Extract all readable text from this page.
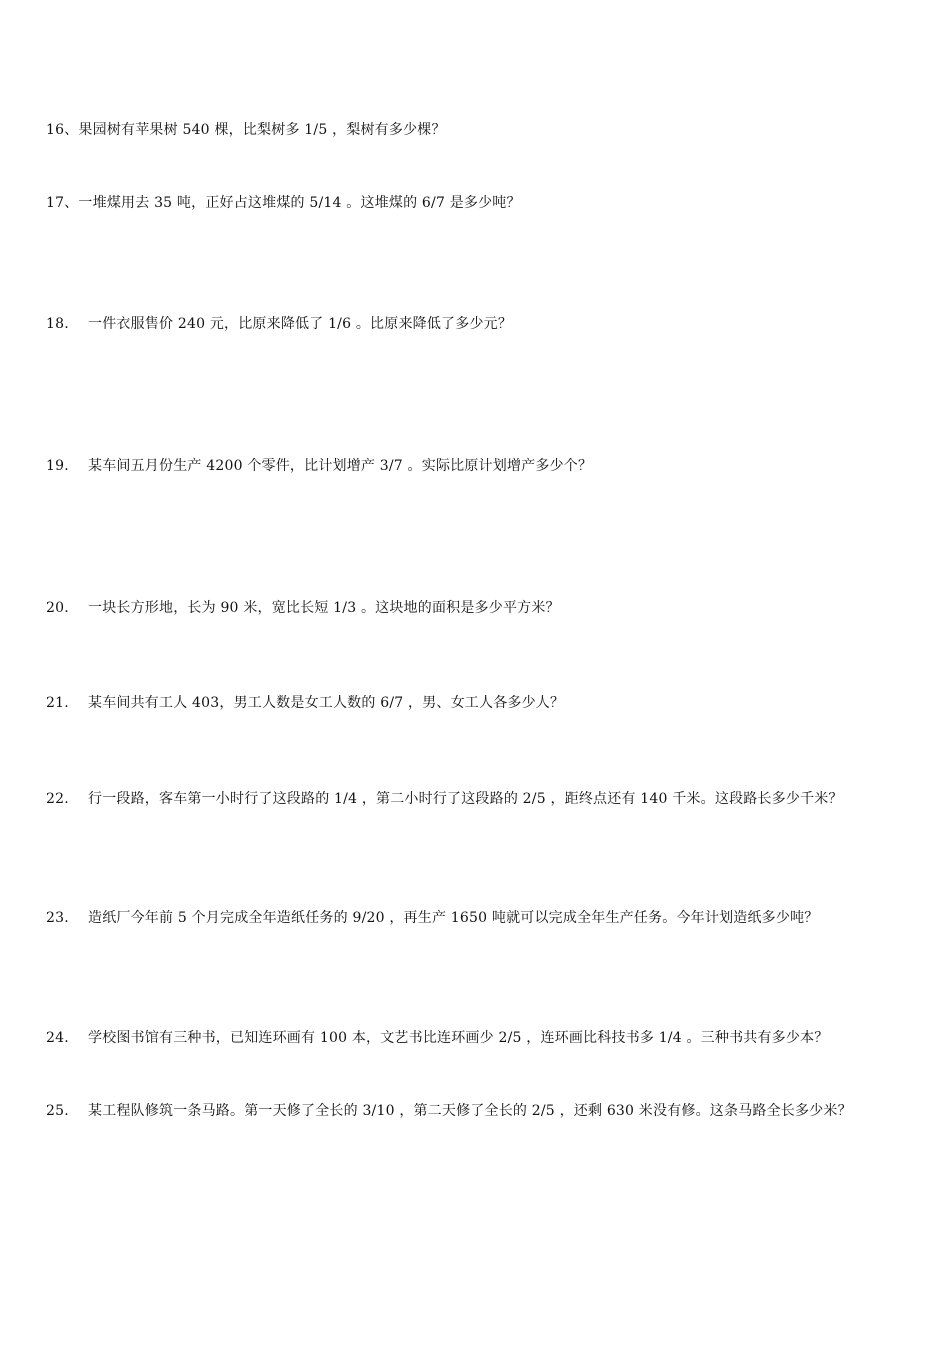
16、果园树有苹果树 540 棵，比梨树多 1/5 ，梨树有多少棵？
17、一堆煤用去 35 吨，正好占这堆煤的 5/14 。这堆煤的 6/7 是多少吨？
18. 一件衣服售价 240 元，比原来降低了 1/6 。比原来降低了多少元？
19. 某车间五月份生产 4200 个零件，比计划增产 3/7 。实际比原计划增产多少个？
20. 一块长方形地，长为 90 米，宽比长短 1/3 。这块地的面积是多少平方米？
21. 某车间共有工人 403，男工人数是女工人数的 6/7 ，男、女工人各多少人？
22. 行一段路，客车第一小时行了这段路的 1/4 ，第二小时行了这段路的 2/5 ，距终点还有 140 千米。这段路长多少千米？
23. 造纸厂今年前 5 个月完成全年造纸任务的 9/20 ，再生产 1650 吨就可以完成全年生产任务。今年计划造纸多少吨？
24. 学校图书馆有三种书，已知连环画有 100 本，文艺书比连环画少 2/5 ，连环画比科技书多 1/4 。三种书共有多少本？
25. 某工程队修筑一条马路。第一天修了全长的 3/10 ，第二天修了全长的 2/5 ，还剩 630 米没有修。这条马路全长多少米？
